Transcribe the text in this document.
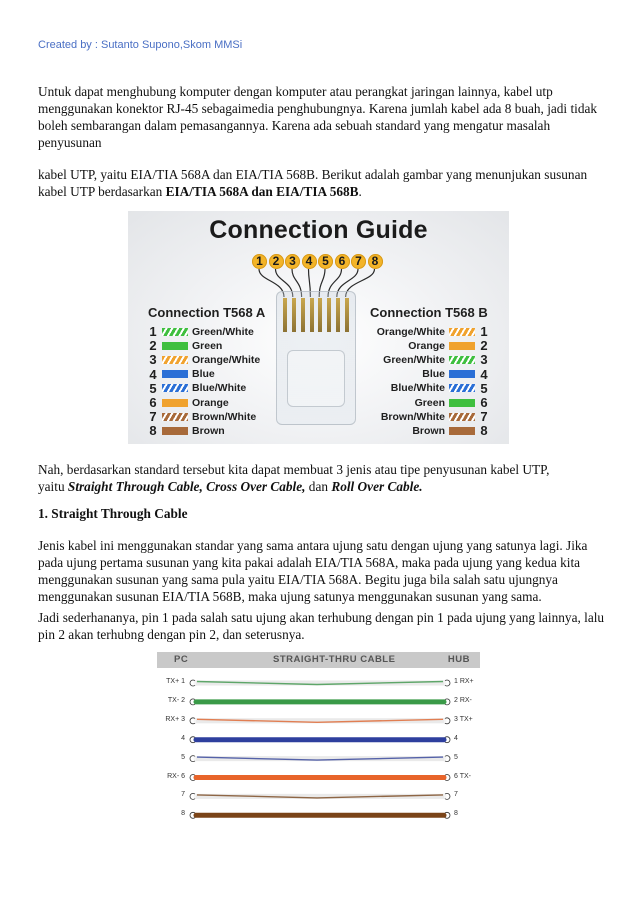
Created by : Sutanto Supono,Skom MMSi

Untuk dapat menghubung komputer dengan komputer atau perangkat jaringan lainnya, kabel utp menggunakan konektor RJ-45 sebagaimedia penghubungnya. Karena jumlah kabel ada 8 buah, jadi tidak boleh sembarangan dalam pemasangannya. Karena ada sebuah standard yang mengatur masalah penyusunan

kabel UTP, yaitu EIA/TIA 568A dan EIA/TIA 568B. Berikut adalah gambar yang menunjukan susunan kabel UTP berdasarkan EIA/TIA 568A dan EIA/TIA 568B.

Connection Guide
1 2 3 4 5 6 7 8
Connection T568 A	Connection T568 B
1	Green/White
2	Green
3	Orange/White
4	Blue
5	Blue/White
6	Orange
7	Brown/White
8	Brown
Orange/White	1
Orange	2
Green/White	3
Blue	4
Blue/White	5
Green	6
Brown/White	7
Brown	8

Nah, berdasarkan standard tersebut kita dapat membuat 3 jenis atau tipe penyusunan kabel UTP,
yaitu Straight Through Cable, Cross Over Cable, dan Roll Over Cable.

1. Straight Through Cable

Jenis kabel ini menggunakan standar yang sama antara ujung satu dengan ujung yang satunya lagi. Jika pada ujung pertama susunan yang kita pakai adalah EIA/TIA 568A, maka pada ujung yang kedua kita menggunakan susunan yang sama pula yaitu EIA/TIA 568A. Begitu juga bila salah satu ujungnya menggunakan susunan EIA/TIA 568B, maka ujung satunya menggunakan susunan yang sama.

Jadi sederhananya, pin 1 pada salah satu ujung akan terhubung dengan pin 1 pada ujung yang lainnya, lalu pin 2 akan terhubng dengan pin 2, dan seterusnya.

PC	STRAIGHT-THRU CABLE	HUB
TX+ 1	1 RX+
TX- 2	2 RX-
RX+ 3	3 TX+
4	4
5	5
RX- 6	6 TX-
7	7
8	8
